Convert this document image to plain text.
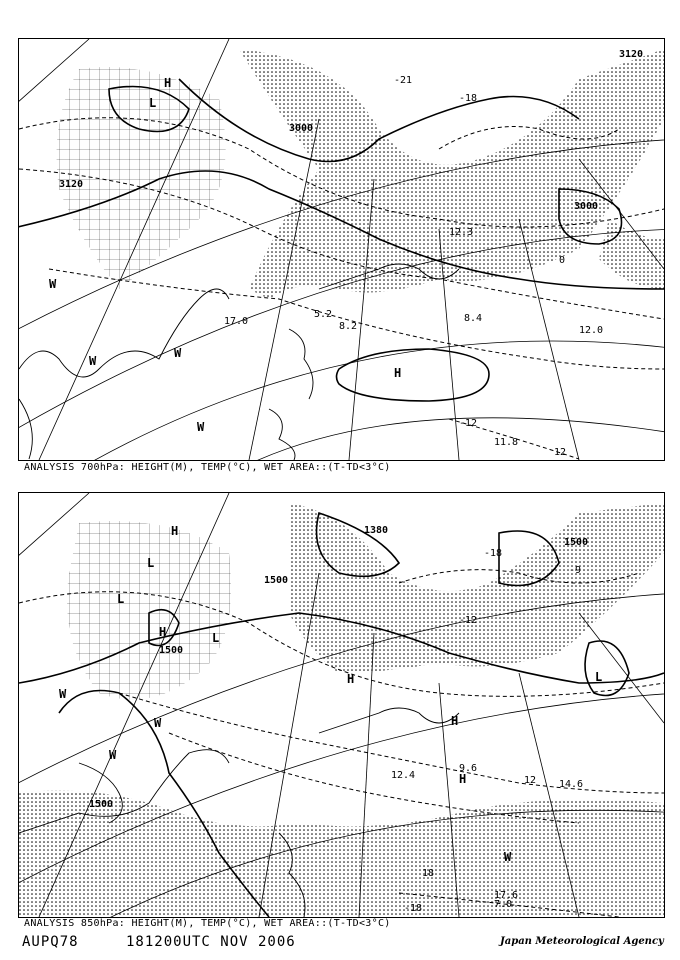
3120
3000
3120
3000
-18
-21
-12
0
12
H
L
H
W
W
W
W
11.8
8.4
12.0
17.0
12.3
5.2
8.2
ANALYSIS 700hPa: HEIGHT(M), TEMP(°C), WET AREA::(T-TD<3°C)
1500
1500
1500
1500
1380
-18
-12
12
18
-9
-18
H
L
L
H	L
H
H
H	L
W
W
W
W
17.6
7.0
14.6
12.4
9.6
ANALYSIS 850hPa: HEIGHT(M), TEMP(°C), WET AREA::(T-TD<3°C)
AUPQ78	181200UTC NOV 2006	Japan Meteorological Agency
